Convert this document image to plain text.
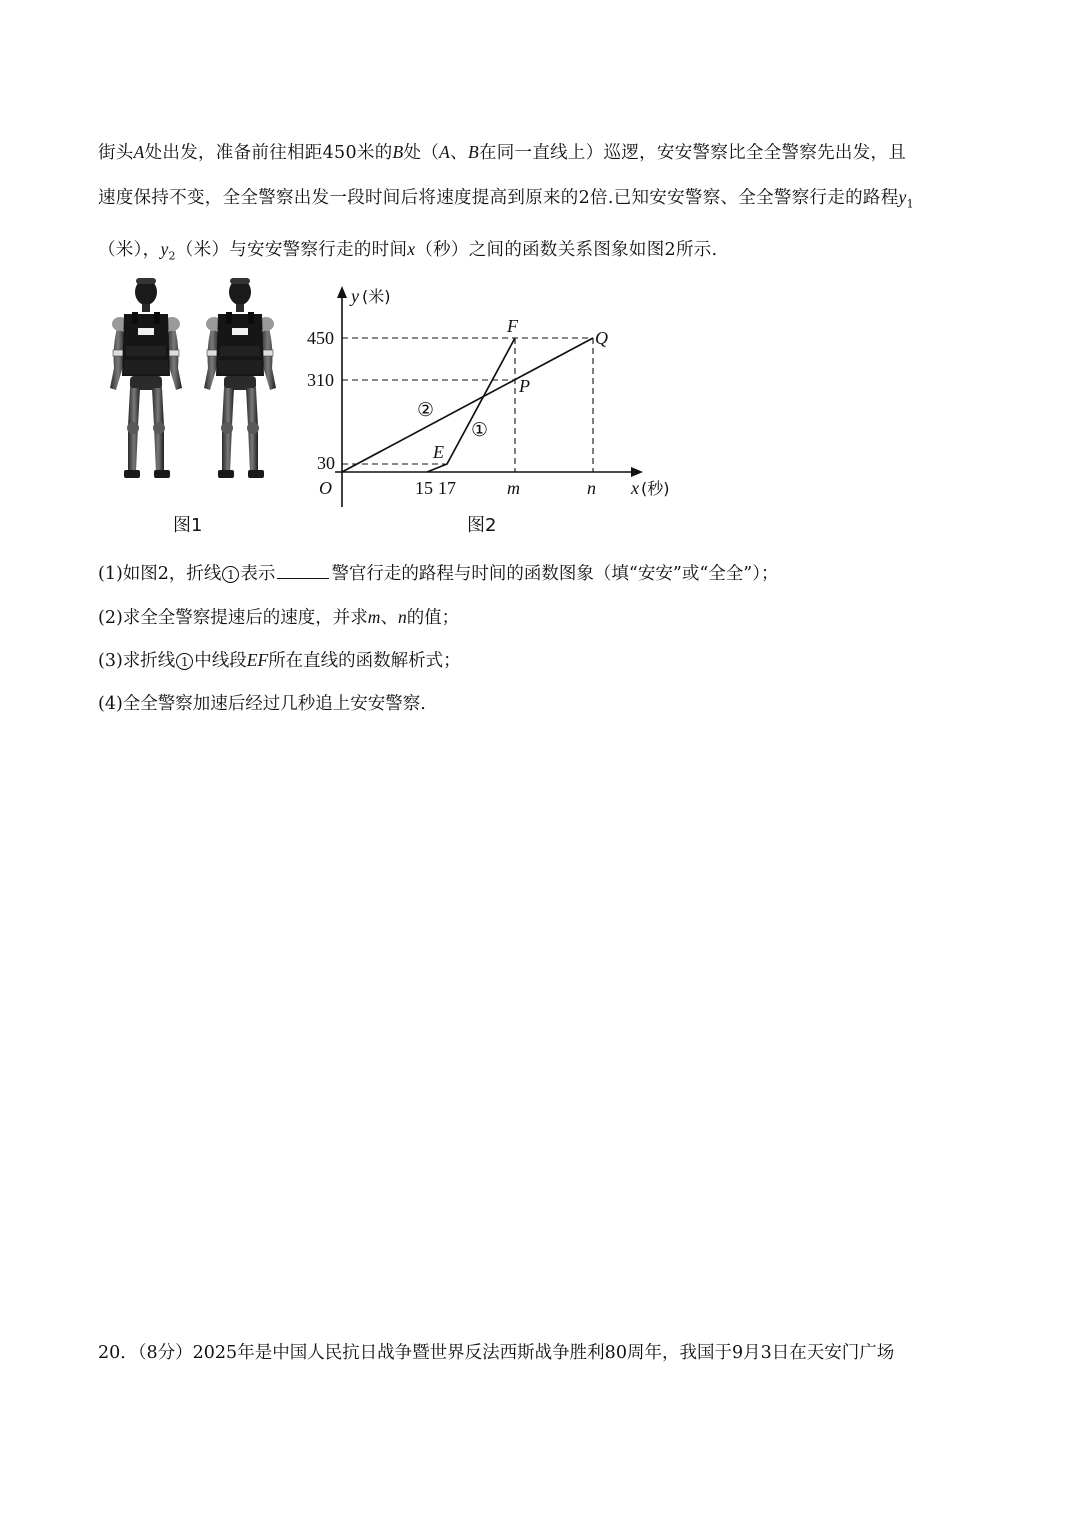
街头A处出发，准备前往相距450米的B处（A、B在同一直线上）巡逻，安安警察比全全警察先出发，且

速度保持不变，全全警察出发一段时间后将速度提高到原来的2倍.已知安安警察、全全警察行走的路程$y_1$

（米），$y_2$（米）与安安警察行走的时间x（秒）之间的函数关系图象如图2所示.

图1
y (米)
x (秒)
O
450
310
30
15 17	m	n
E
F
P
Q
②
①
图2
(1)如图2，折线 1 表示	警官行走的路程与时间的函数图象（填“安安”或“全全”）；
(2)求全全警察提速后的速度，并求m、n的值；
(3)求折线 1 中线段EF所在直线的函数解析式；
(4)全全警察加速后经过几秒追上安安警察.
20．（8分）2025年是中国人民抗日战争暨世界反法西斯战争胜利80周年，我国于9月3日在天安门广场
